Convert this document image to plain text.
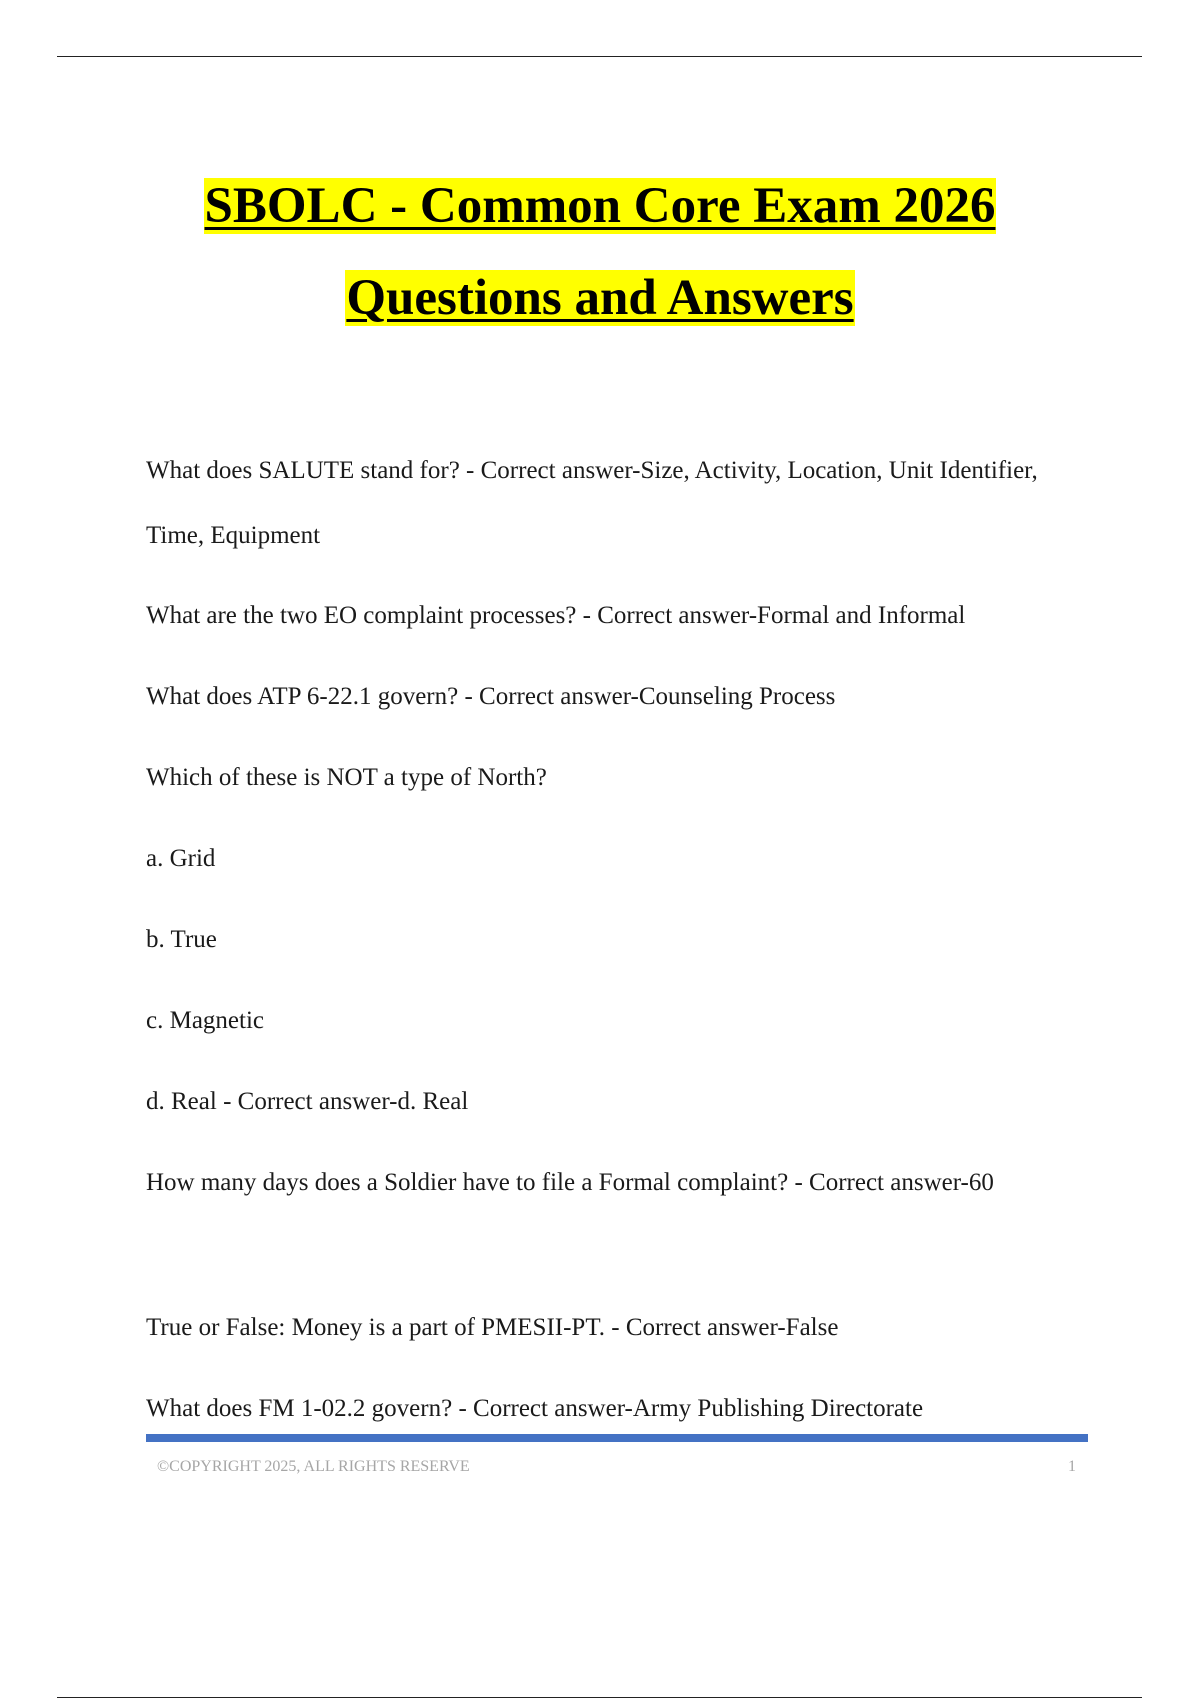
SBOLC - Common Core Exam 2026
Questions and Answers

What does SALUTE stand for? - Correct answer-Size, Activity, Location, Unit Identifier, Time, Equipment

What are the two EO complaint processes? - Correct answer-Formal and Informal

What does ATP 6-22.1 govern? - Correct answer-Counseling Process

Which of these is NOT a type of North?

a. Grid

b. True

c. Magnetic

d. Real - Correct answer-d. Real

How many days does a Soldier have to file a Formal complaint? - Correct answer-60

True or False: Money is a part of PMESII-PT. - Correct answer-False

What does FM 1-02.2 govern? - Correct answer-Army Publishing Directorate

©COPYRIGHT 2025, ALL RIGHTS RESERVE	1
